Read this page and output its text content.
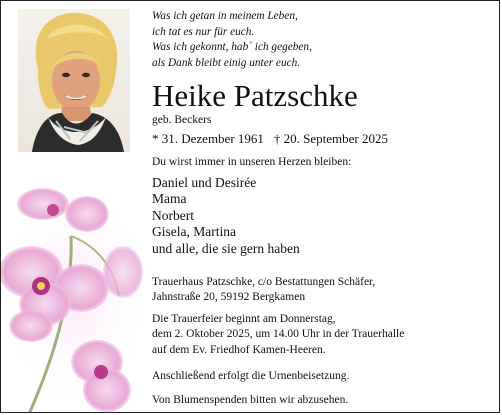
Was ich getan in meinem Leben,
ich tat es nur für euch.
Was ich gekonnt, hab` ich gegeben,
als Dank bleibt einig unter euch.
Heike Patzschke
geb. Beckers
* 31. Dezember 1961 † 20. September 2025
Du wirst immer in unseren Herzen bleiben:
Daniel und Desirée
Mama
Norbert
Gisela, Martina
und alle, die sie gern haben
Trauerhaus Patzschke, c/o Bestattungen Schäfer,
Jahnstraße 20, 59192 Bergkamen
Die Trauerfeier beginnt am Donnerstag,
dem 2. Oktober 2025, um 14.00 Uhr in der Trauerhalle
auf dem Ev. Friedhof Kamen-Heeren.
Anschließend erfolgt die Urnenbeisetzung.
Von Blumenspenden bitten wir abzusehen.
